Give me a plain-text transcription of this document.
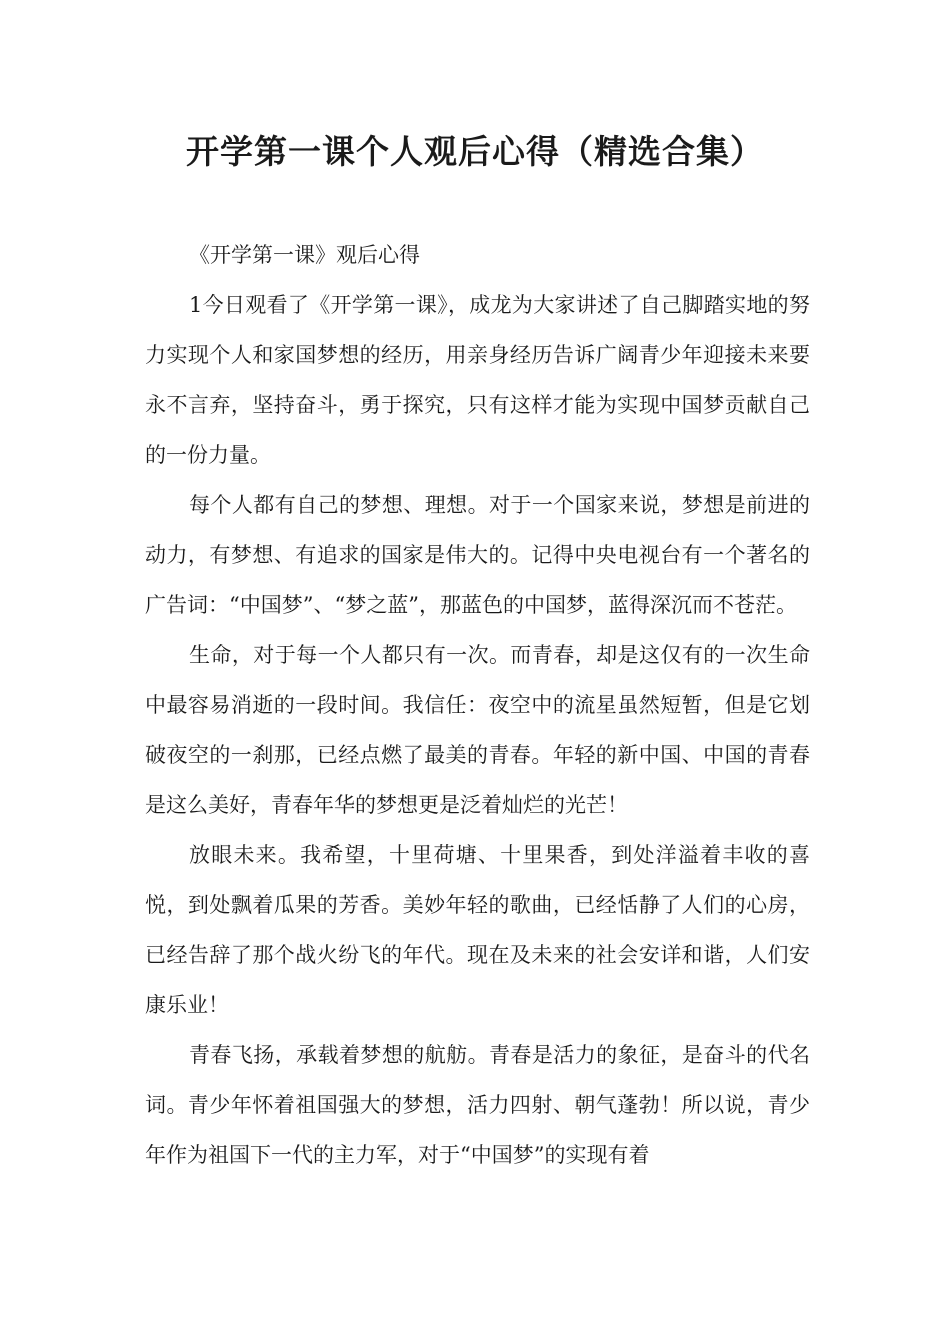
开学第一课个人观后心得（精选合集）

《开学第一课》观后心得

1今日观看了《开学第一课》，成龙为大家讲述了自己脚踏实地的努力实现个人和家国梦想的经历，用亲身经历告诉广阔青少年迎接未来要永不言弃，坚持奋斗，勇于探究，只有这样才能为实现中国梦贡献自己的一份力量。

每个人都有自己的梦想、理想。对于一个国家来说，梦想是前进的动力，有梦想、有追求的国家是伟大的。记得中央电视台有一个著名的广告词：“中国梦”、“梦之蓝”，那蓝色的中国梦，蓝得深沉而不苍茫。

生命，对于每一个人都只有一次。而青春，却是这仅有的一次生命中最容易消逝的一段时间。我信任：夜空中的流星虽然短暂，但是它划破夜空的一刹那，已经点燃了最美的青春。年轻的新中国、中国的青春是这么美好，青春年华的梦想更是泛着灿烂的光芒！

放眼未来。我希望，十里荷塘、十里果香，到处洋溢着丰收的喜悦，到处飘着瓜果的芳香。美妙年轻的歌曲，已经恬静了人们的心房，已经告辞了那个战火纷飞的年代。现在及未来的社会安详和谐，人们安康乐业！

青春飞扬，承载着梦想的航舫。青春是活力的象征，是奋斗的代名词。青少年怀着祖国强大的梦想，活力四射、朝气蓬勃！所以说，青少年作为祖国下一代的主力军，对于“中国梦”的实现有着
